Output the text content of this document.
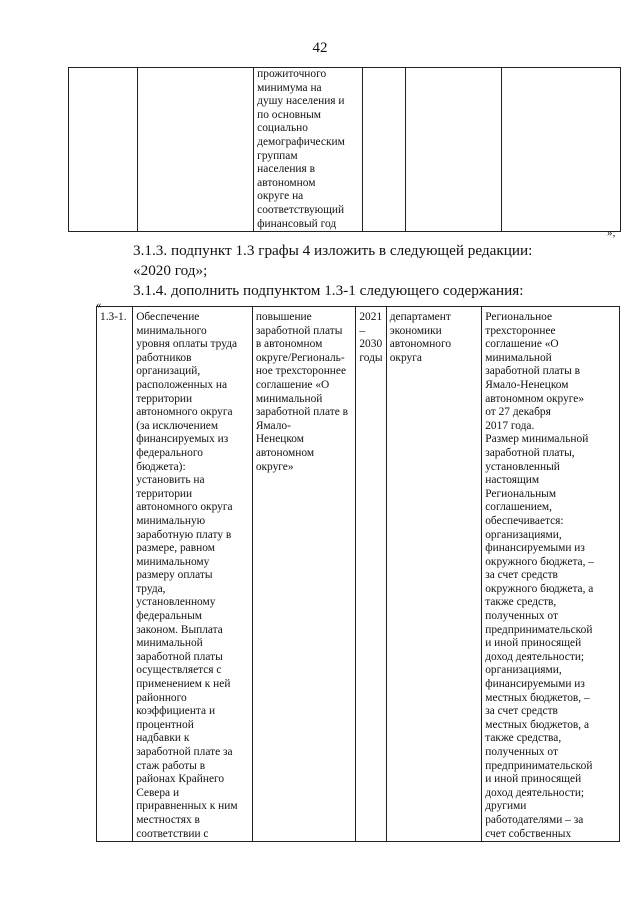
42
		прожиточного
минимума на
душу населения и
по основным
социально
демографическим
группам
населения в
автономном
округе на
соответствующий
финансовый год			
»;
3.1.3. подпункт 1.3 графы 4 изложить в следующей редакции:
«2020 год»;
3.1.4. дополнить подпунктом 1.3-1 следующего содержания:
«
1.3-1.	Обеспечение
минимального
уровня оплаты труда
работников
организаций,
расположенных на
территории
автономного округа
(за исключением
финансируемых из
федерального
бюджета):
установить на
территории
автономного округа
минимальную
заработную плату в
размере, равном
минимальному
размеру оплаты
труда,
установленному
федеральным
законом. Выплата
минимальной
заработной платы
осуществляется с
применением к ней
районного
коэффициента и
процентной
надбавки к
заработной плате за
стаж работы в
районах Крайнего
Севера и
приравненных к ним
местностях в
соответствии с	повышение
заработной платы
в автономном
округе/Региональ-
ное трехстороннее
соглашение «О
минимальной
заработной плате в
Ямало-
Ненецком
автономном
округе»	2021 –
2030
годы	департамент
экономики
автономного
округа	Региональное
трехстороннее
соглашение «О
минимальной
заработной платы в
Ямало-Ненецком
автономном округе»
от 27 декабря
2017 года.
Размер минимальной
заработной платы,
установленный
настоящим
Региональным
соглашением,
обеспечивается:
организациями,
финансируемыми из
окружного бюджета, –
за счет средств
окружного бюджета, а
также средств,
полученных от
предпринимательской
и иной приносящей
доход деятельности;
организациями,
финансируемыми из
местных бюджетов, –
за счет средств
местных бюджетов, а
также средства,
полученных от
предпринимательской
и иной приносящей
доход деятельности;
другими
работодателями – за
счет собственных
